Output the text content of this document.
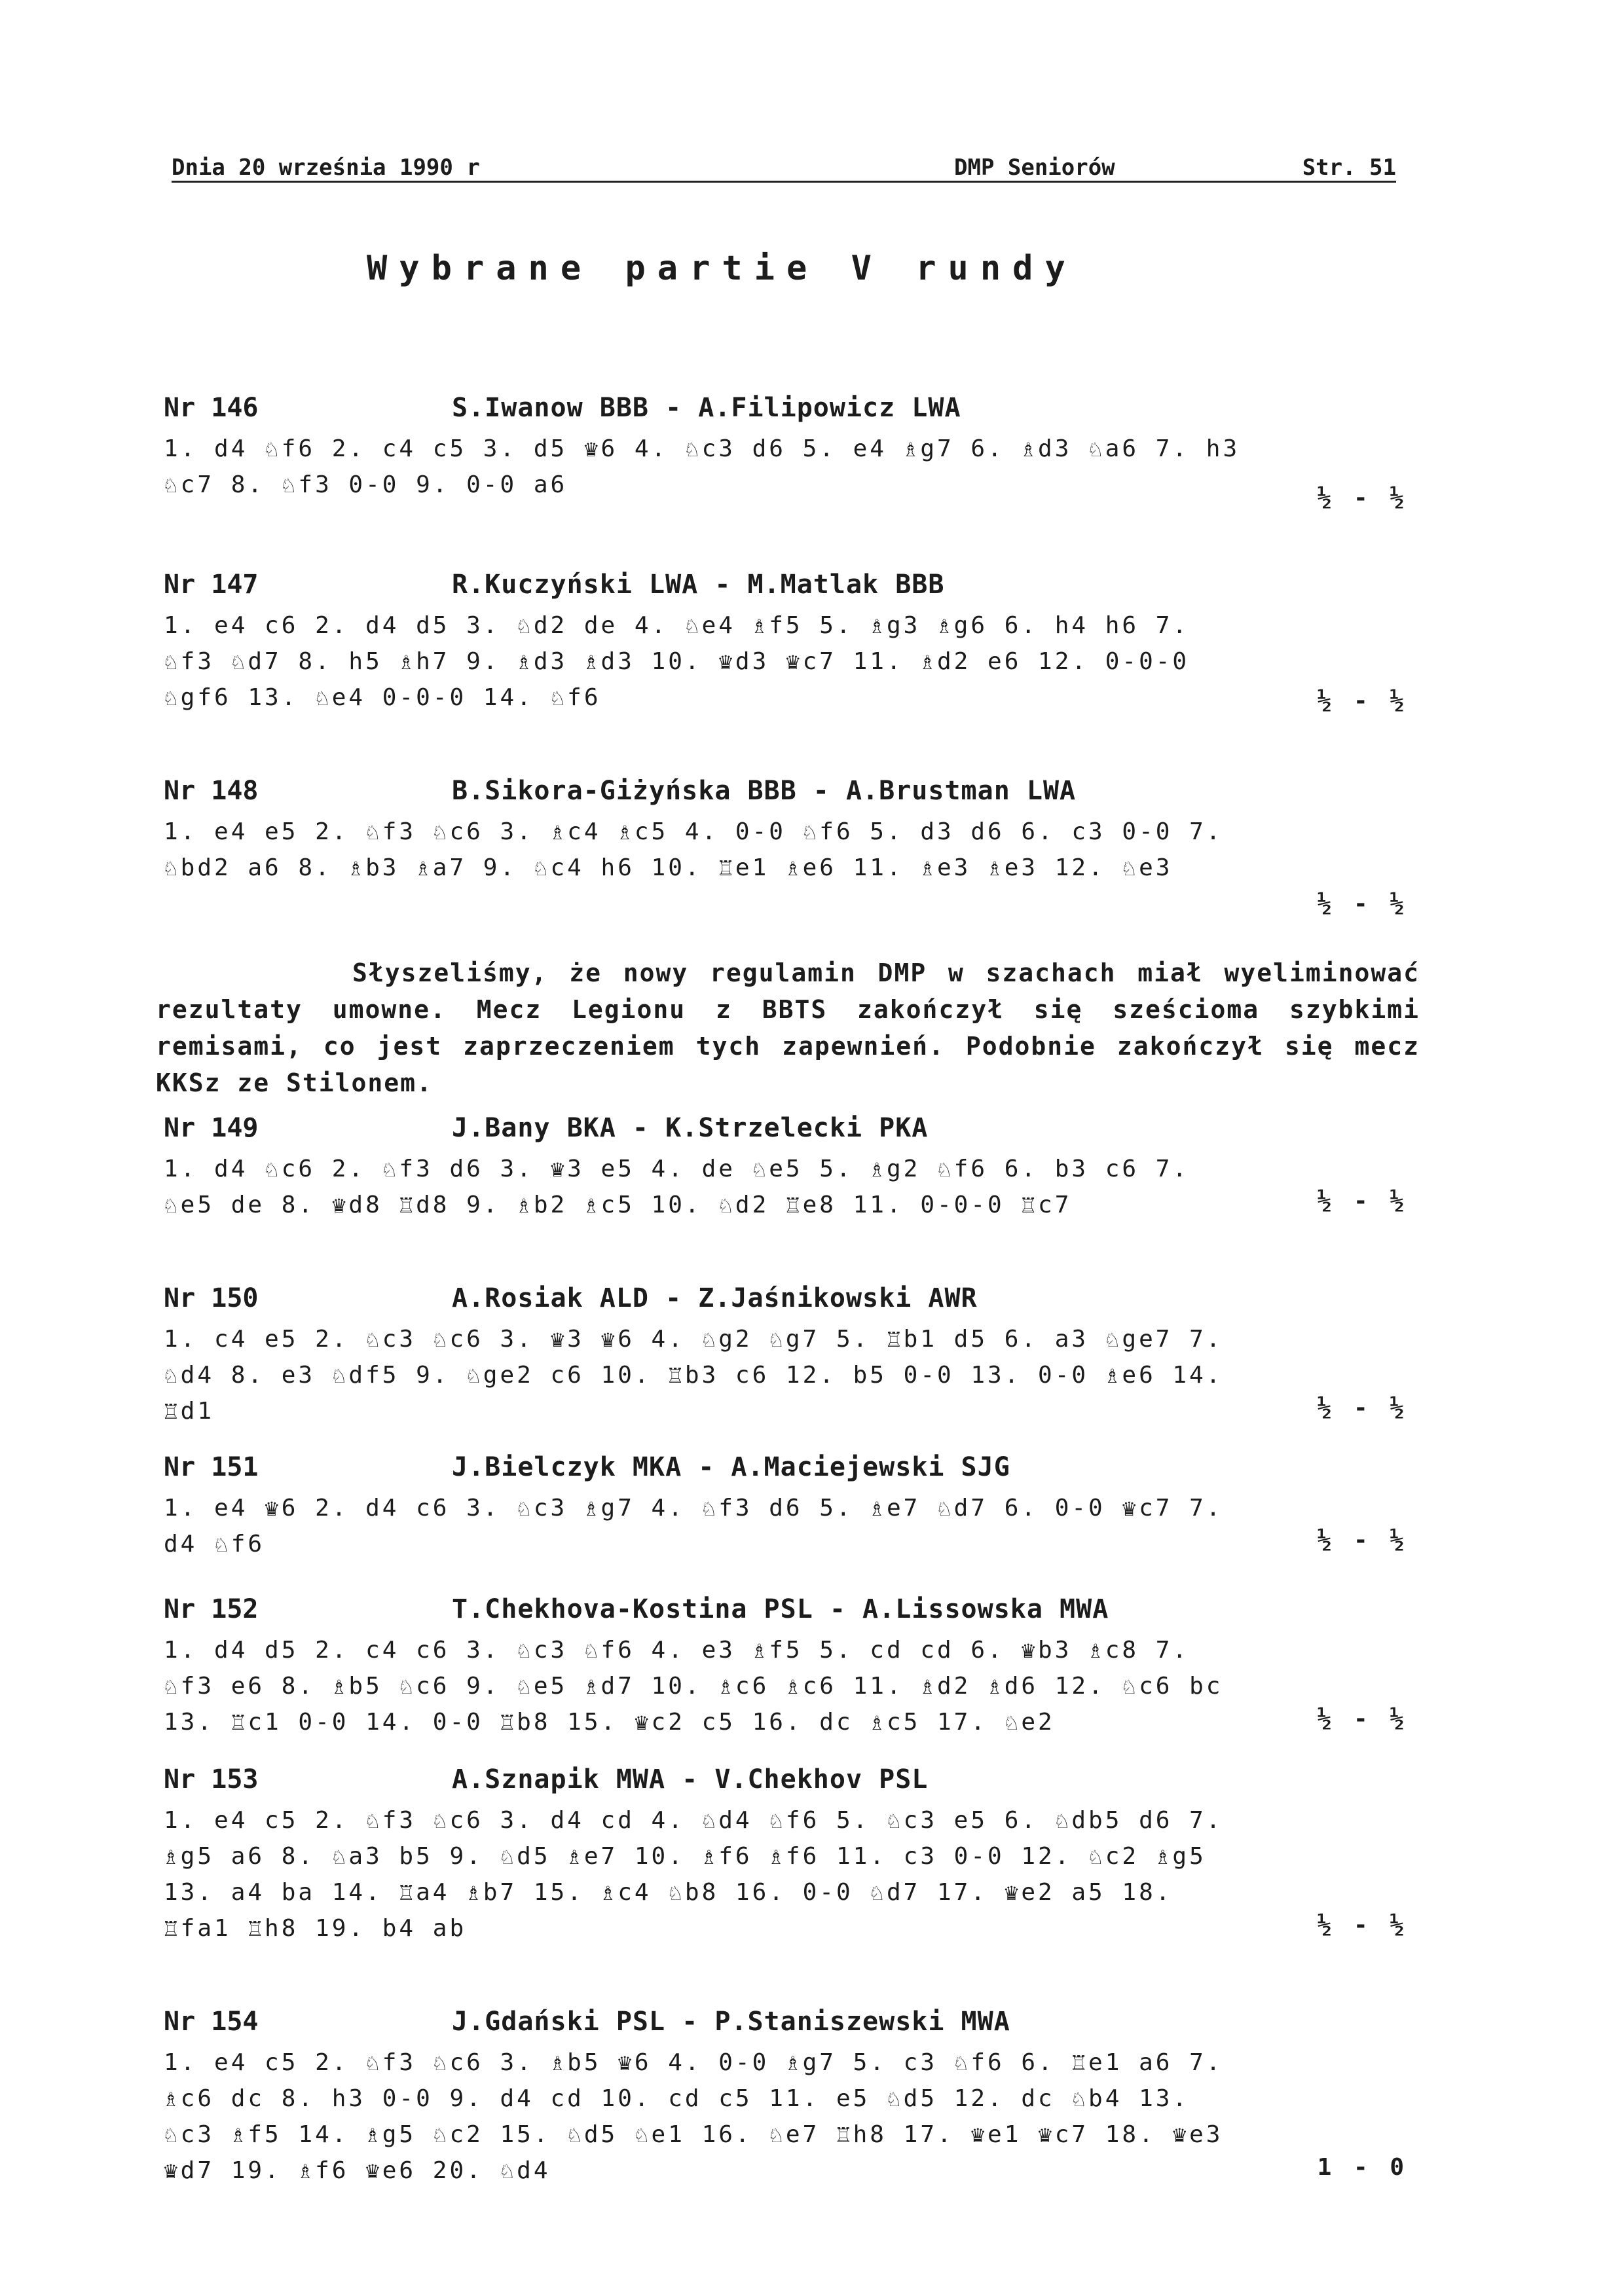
Dnia 20 września 1990 r	DMP Seniorów	Str. 51
Wybrane partie V rundy
Nr 146	S.Iwanow BBB - A.Filipowicz LWA
1. d4 ♘f6 2. c4 c5 3. d5 ♛6 4. ♘c3 d6 5. e4 ♗g7 6. ♗d3 ♘a6 7. h3
♘c7 8. ♘f3 0-0 9. 0-0 a6	½ - ½
Nr 147	R.Kuczyński LWA - M.Matlak BBB
1. e4 c6 2. d4 d5 3. ♘d2 de 4. ♘e4 ♗f5 5. ♗g3 ♗g6 6. h4 h6 7.
♘f3 ♘d7 8. h5 ♗h7 9. ♗d3 ♗d3 10. ♛d3 ♛c7 11. ♗d2 e6 12. 0-0-0
♘gf6 13. ♘e4 0-0-0 14. ♘f6	½ - ½
Nr 148	B.Sikora-Giżyńska BBB - A.Brustman LWA
1. e4 e5 2. ♘f3 ♘c6 3. ♗c4 ♗c5 4. 0-0 ♘f6 5. d3 d6 6. c3 0-0 7.
♘bd2 a6 8. ♗b3 ♗a7 9. ♘c4 h6 10. ♖e1 ♗e6 11. ♗e3 ♗e3 12. ♘e3
½ - ½
Słyszeliśmy, że nowy regulamin DMP w szachach miał wyeliminować rezultaty umowne. Mecz Legionu z BBTS zakończył się sześcioma szybkimi remisami, co jest zaprzeczeniem tych zapewnień. Podobnie zakończył się mecz KKSz ze Stilonem.
Nr 149	J.Bany BKA - K.Strzelecki PKA
1. d4 ♘c6 2. ♘f3 d6 3. ♛3 e5 4. de ♘e5 5. ♗g2 ♘f6 6. b3 c6 7.
♘e5 de 8. ♛d8 ♖d8 9. ♗b2 ♗c5 10. ♘d2 ♖e8 11. 0-0-0 ♖c7	½ - ½
Nr 150	A.Rosiak ALD - Z.Jaśnikowski AWR
1. c4 e5 2. ♘c3 ♘c6 3. ♛3 ♛6 4. ♘g2 ♘g7 5. ♖b1 d5 6. a3 ♘ge7 7.
♘d4 8. e3 ♘df5 9. ♘ge2 c6 10. ♖b3 c6 12. b5 0-0 13. 0-0 ♗e6 14.
♖d1	½ - ½
Nr 151	J.Bielczyk MKA - A.Maciejewski SJG
1. e4 ♛6 2. d4 c6 3. ♘c3 ♗g7 4. ♘f3 d6 5. ♗e7 ♘d7 6. 0-0 ♛c7 7.
d4 ♘f6	½ - ½
Nr 152	T.Chekhova-Kostina PSL - A.Lissowska MWA
1. d4 d5 2. c4 c6 3. ♘c3 ♘f6 4. e3 ♗f5 5. cd cd 6. ♛b3 ♗c8 7.
♘f3 e6 8. ♗b5 ♘c6 9. ♘e5 ♗d7 10. ♗c6 ♗c6 11. ♗d2 ♗d6 12. ♘c6 bc
13. ♖c1 0-0 14. 0-0 ♖b8 15. ♛c2 c5 16. dc ♗c5 17. ♘e2	½ - ½
Nr 153	A.Sznapik MWA - V.Chekhov PSL
1. e4 c5 2. ♘f3 ♘c6 3. d4 cd 4. ♘d4 ♘f6 5. ♘c3 e5 6. ♘db5 d6 7.
♗g5 a6 8. ♘a3 b5 9. ♘d5 ♗e7 10. ♗f6 ♗f6 11. c3 0-0 12. ♘c2 ♗g5
13. a4 ba 14. ♖a4 ♗b7 15. ♗c4 ♘b8 16. 0-0 ♘d7 17. ♛e2 a5 18.
♖fa1 ♖h8 19. b4 ab	½ - ½
Nr 154	J.Gdański PSL - P.Staniszewski MWA
1. e4 c5 2. ♘f3 ♘c6 3. ♗b5 ♛6 4. 0-0 ♗g7 5. c3 ♘f6 6. ♖e1 a6 7.
♗c6 dc 8. h3 0-0 9. d4 cd 10. cd c5 11. e5 ♘d5 12. dc ♘b4 13.
♘c3 ♗f5 14. ♗g5 ♘c2 15. ♘d5 ♘e1 16. ♘e7 ♖h8 17. ♛e1 ♛c7 18. ♛e3
♛d7 19. ♗f6 ♛e6 20. ♘d4	1 - 0
